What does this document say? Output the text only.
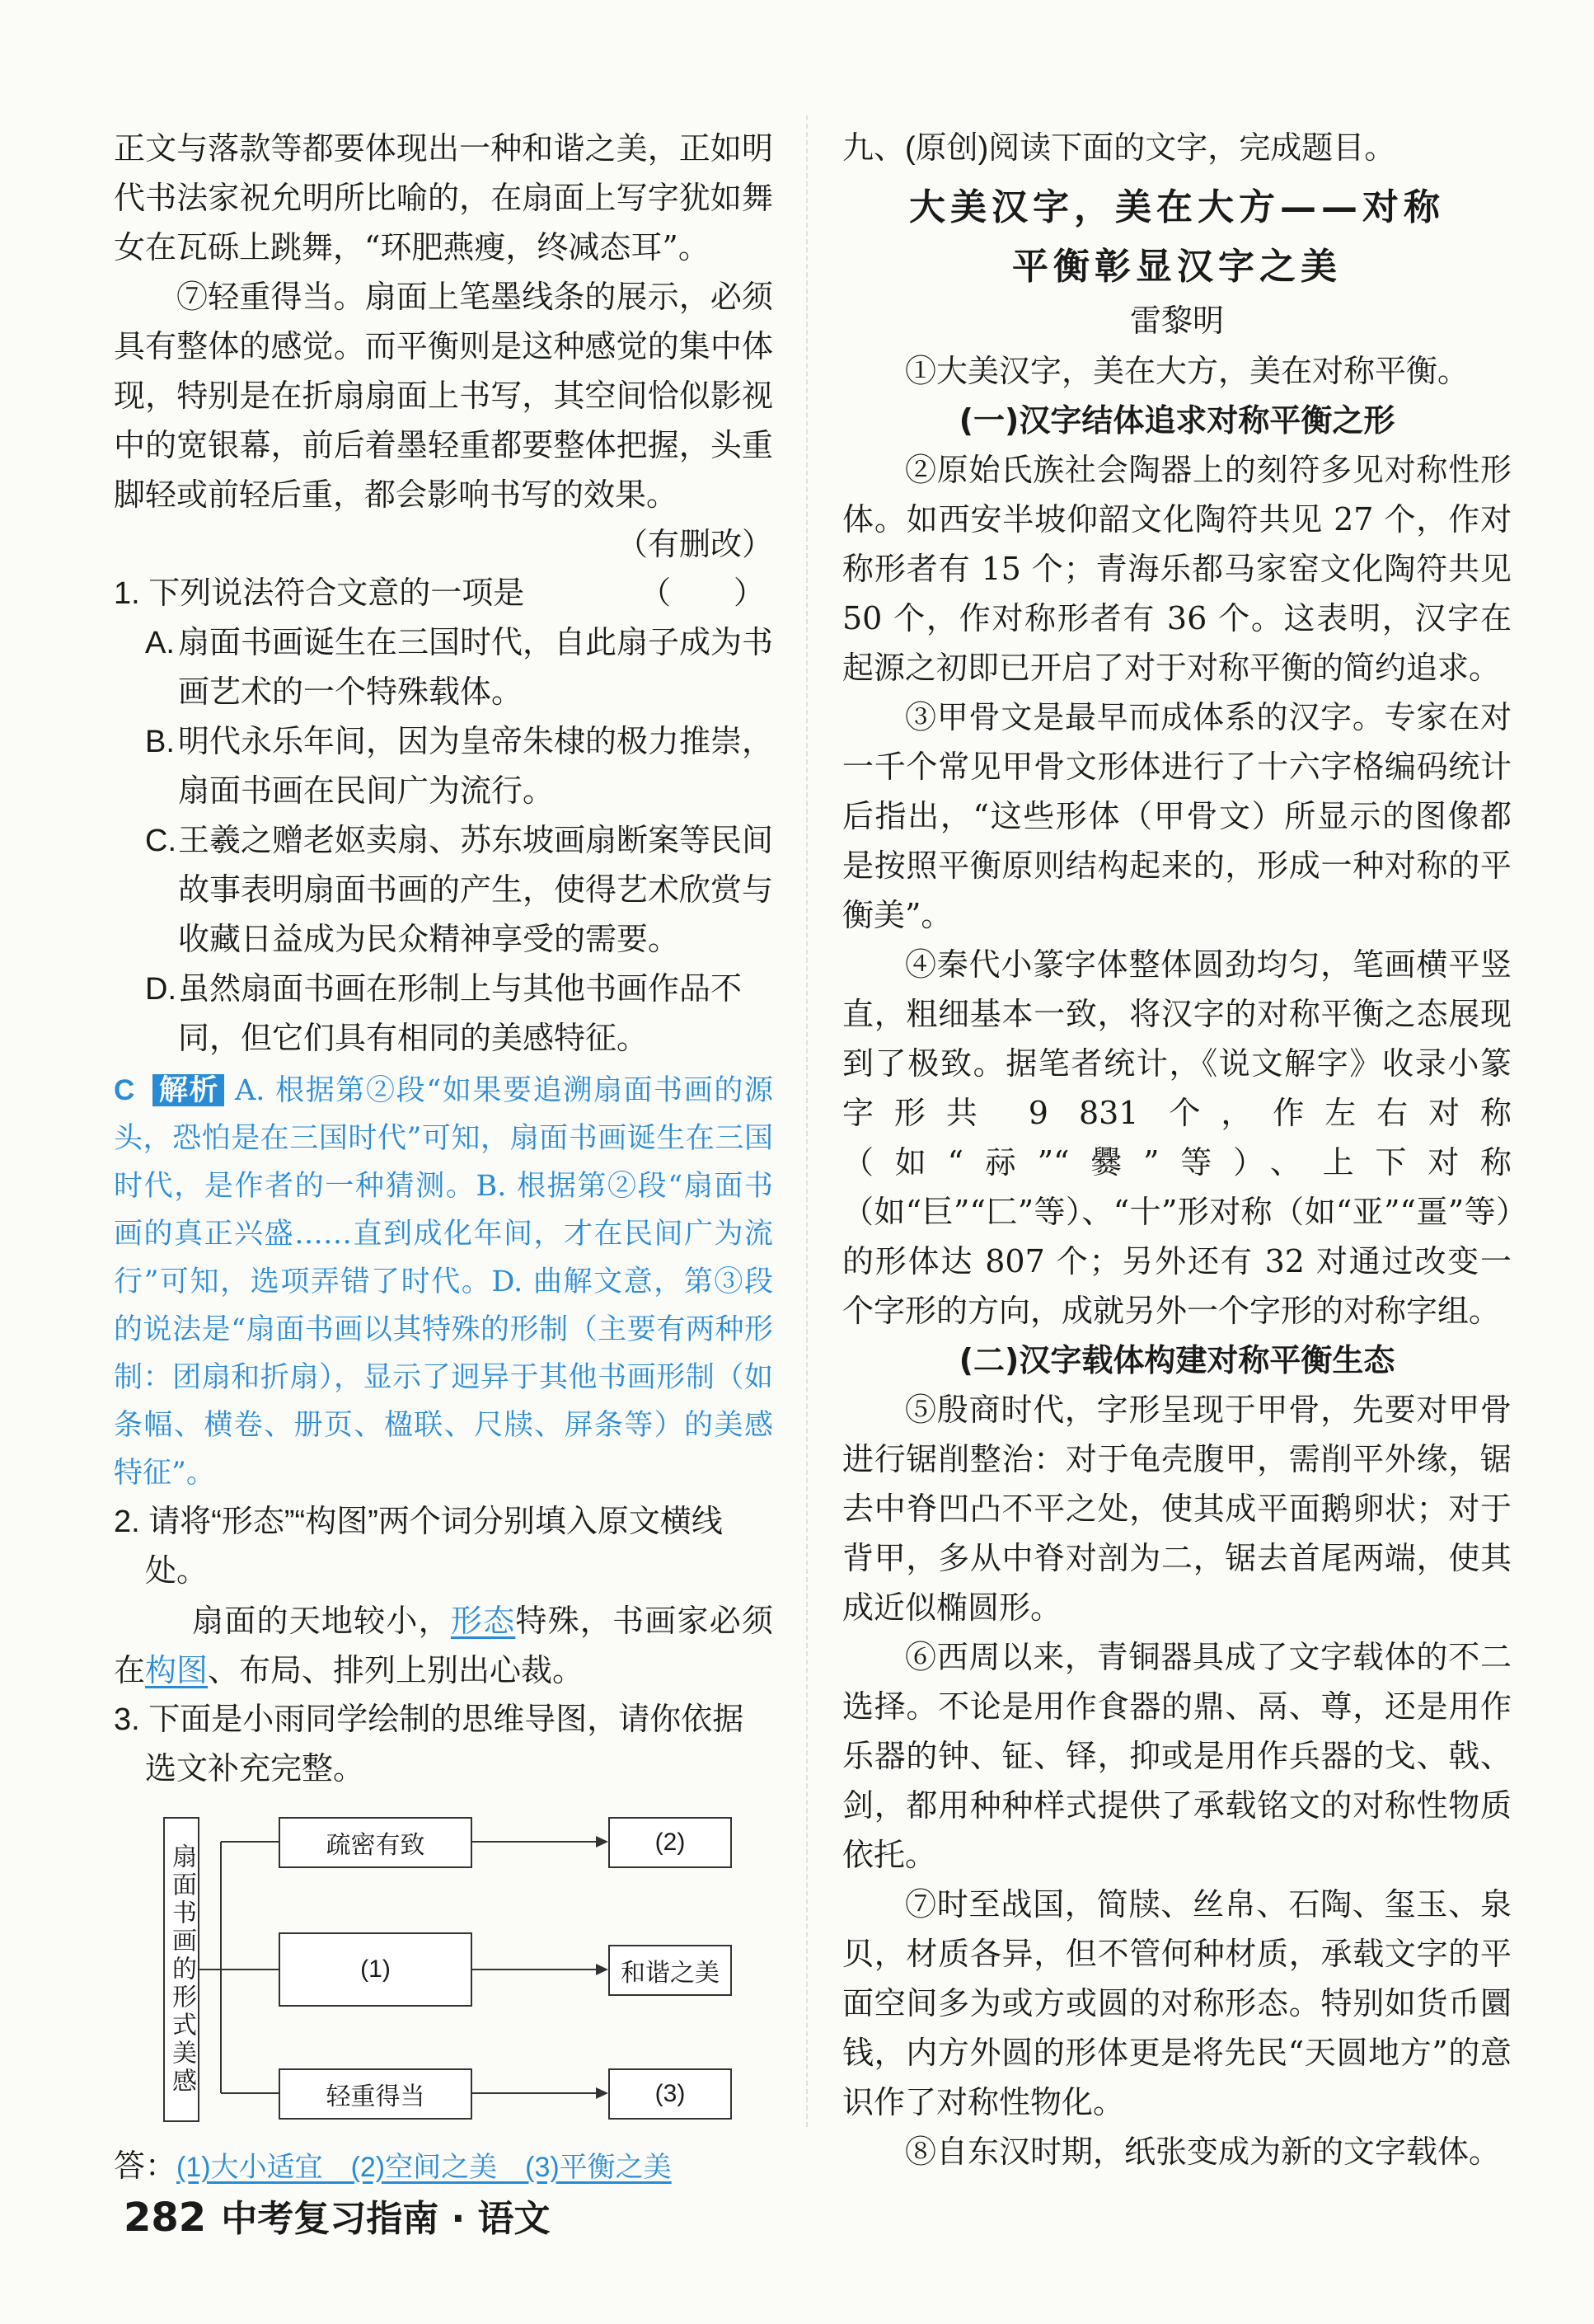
正文与落款等都要体现出一种和谐之美，正如明代书法家祝允明所比喻的，在扇面上写字犹如舞女在瓦砾上跳舞，“环肥燕瘦，终减态耳”。

⑦轻重得当。扇面上笔墨线条的展示，必须具有整体的感觉。而平衡则是这种感觉的集中体现，特别是在折扇扇面上书写，其空间恰似影视中的宽银幕，前后着墨轻重都要整体把握，头重脚轻或前轻后重，都会影响书写的效果。

（有删改）

1. 下列说法符合文意的一项是	（　　）
A. 扇面书画诞生在三国时代，自此扇子成为书画艺术的一个特殊载体。
B. 明代永乐年间，因为皇帝朱棣的极力推崇，扇面书画在民间广为流行。
C. 王羲之赠老妪卖扇、苏东坡画扇断案等民间故事表明扇面书画的产生，使得艺术欣赏与收藏日益成为民众精神享受的需要。
D. 虽然扇面书画在形制上与其他书画作品不同，但它们具有相同的美感特征。

C 解析 A. 根据第②段“如果要追溯扇面书画的源头，恐怕是在三国时代”可知，扇面书画诞生在三国时代，是作者的一种猜测。B. 根据第②段“扇面书画的真正兴盛……直到成化年间，才在民间广为流行”可知，选项弄错了时代。D. 曲解文意，第③段的说法是“扇面书画以其特殊的形制（主要有两种形制：团扇和折扇），显示了迥异于其他书画形制（如条幅、横卷、册页、楹联、尺牍、屏条等）的美感特征”。

2. 请将“形态”“构图”两个词分别填入原文横线处。

扇面的天地较小，形态特殊，书画家必须在构图、布局、排列上别出心裁。

3. 下面是小雨同学绘制的思维导图，请你依据选文补充完整。

扇面书画的形式美感	疏密有致	(2)
(1)	和谐之美
轻重得当	(3)

答：(1)大小适宜　(2)空间之美　(3)平衡之美

九、(原创)阅读下面的文字，完成题目。

大美汉字，美在大方——对称

平衡彰显汉字之美

雷黎明

①大美汉字，美在大方，美在对称平衡。

(一)汉字结体追求对称平衡之形

②原始氏族社会陶器上的刻符多见对称性形体。如西安半坡仰韶文化陶符共见 27 个，作对称形者有 15 个；青海乐都马家窑文化陶符共见 50 个，作对称形者有 36 个。这表明，汉字在起源之初即已开启了对于对称平衡的简约追求。

③甲骨文是最早而成体系的汉字。专家在对一千个常见甲骨文形体进行了十六字格编码统计后指出，“这些形体（甲骨文）所显示的图像都是按照平衡原则结构起来的，形成一种对称的平衡美”。

④秦代小篆字体整体圆劲均匀，笔画横平竖直，粗细基本一致，将汉字的对称平衡之态展现到了极致。据笔者统计，《说文解字》收录小篆字形共 9 831 个，作左右对称（如“祘”“爨”等）、上下对称（如“巨”“匚”等）、“十”形对称（如“亚”“畺”等）的形体达 807 个；另外还有 32 对通过改变一个字形的方向，成就另外一个字形的对称字组。

(二)汉字载体构建对称平衡生态

⑤殷商时代，字形呈现于甲骨，先要对甲骨进行锯削整治：对于龟壳腹甲，需削平外缘，锯去中脊凹凸不平之处，使其成平面鹅卵状；对于背甲，多从中脊对剖为二，锯去首尾两端，使其成近似椭圆形。

⑥西周以来，青铜器具成了文字载体的不二选择。不论是用作食器的鼎、鬲、尊，还是用作乐器的钟、钲、铎，抑或是用作兵器的戈、戟、剑，都用种种样式提供了承载铭文的对称性物质依托。

⑦时至战国，简牍、丝帛、石陶、玺玉、泉贝，材质各异，但不管何种材质，承载文字的平面空间多为或方或圆的对称形态。特别如货币圜钱，内方外圆的形体更是将先民“天圆地方”的意识作了对称性物化。

⑧自东汉时期，纸张变成为新的文字载体。

282 中考复习指南 · 语文
